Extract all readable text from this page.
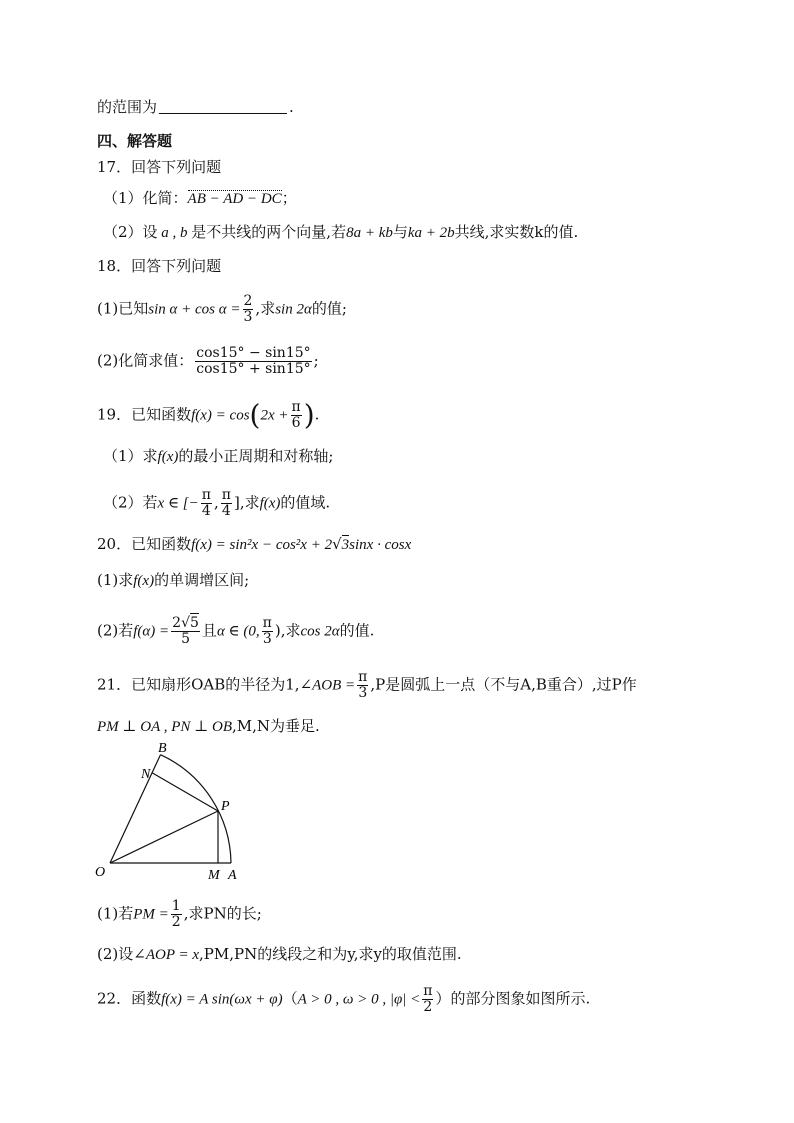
的范围为	.
四、解答题
17．回答下列问题
（1）化简：AB − AD − DC；
（2）设 a , b 是不共线的两个向量,若8a + kb与ka + 2b共线,求实数k的值.
18．回答下列问题
(1)已知$\sin \alpha + \cos \alpha = \frac{2}{3}$ ,求sin 2α的值;
(2)化简求值： $\frac{\cos 15^\circ - \sin 15^\circ}{\cos 15^\circ + \sin 15^\circ}$ ;
19．已知函数$f(x) = \cos(2x + \frac{\pi}{6}$ ).
（1）求f(x)的最小正周期和对称轴;
（2）若x ∈ [− $\frac{\pi}{4}$ , $\frac{\pi}{4}$ ],求f(x)的值域.
20．已知函数f(x) = sin²x − cos²x + 2√3sinx · cosx
(1)求f(x)的单调增区间;
(2)若$f(\alpha) = \frac{2√5}{5}$ 且α ∈ (0, $\frac{\pi}{3}$ ),求cos 2α的值.
21．已知扇形OAB的半径为1,∠AOB = $\frac{\pi}{3} ,P$是圆弧上一点（不与A,B重合）,过P作
PM ⊥ OA , PN ⊥ OB,M,N为垂足.
O	A
M
B
N
P
(1)若PM = $\frac{1}{2}$ ,求PN的长;
(2)设∠AOP = x,PM,PN的线段之和为y,求y的取值范围.
22．函数f(x) = A sin(ωx + φ)（A > 0 , ω > 0 , $|\varphi| < \frac{\pi}{2}$ ）的部分图象如图所示.
